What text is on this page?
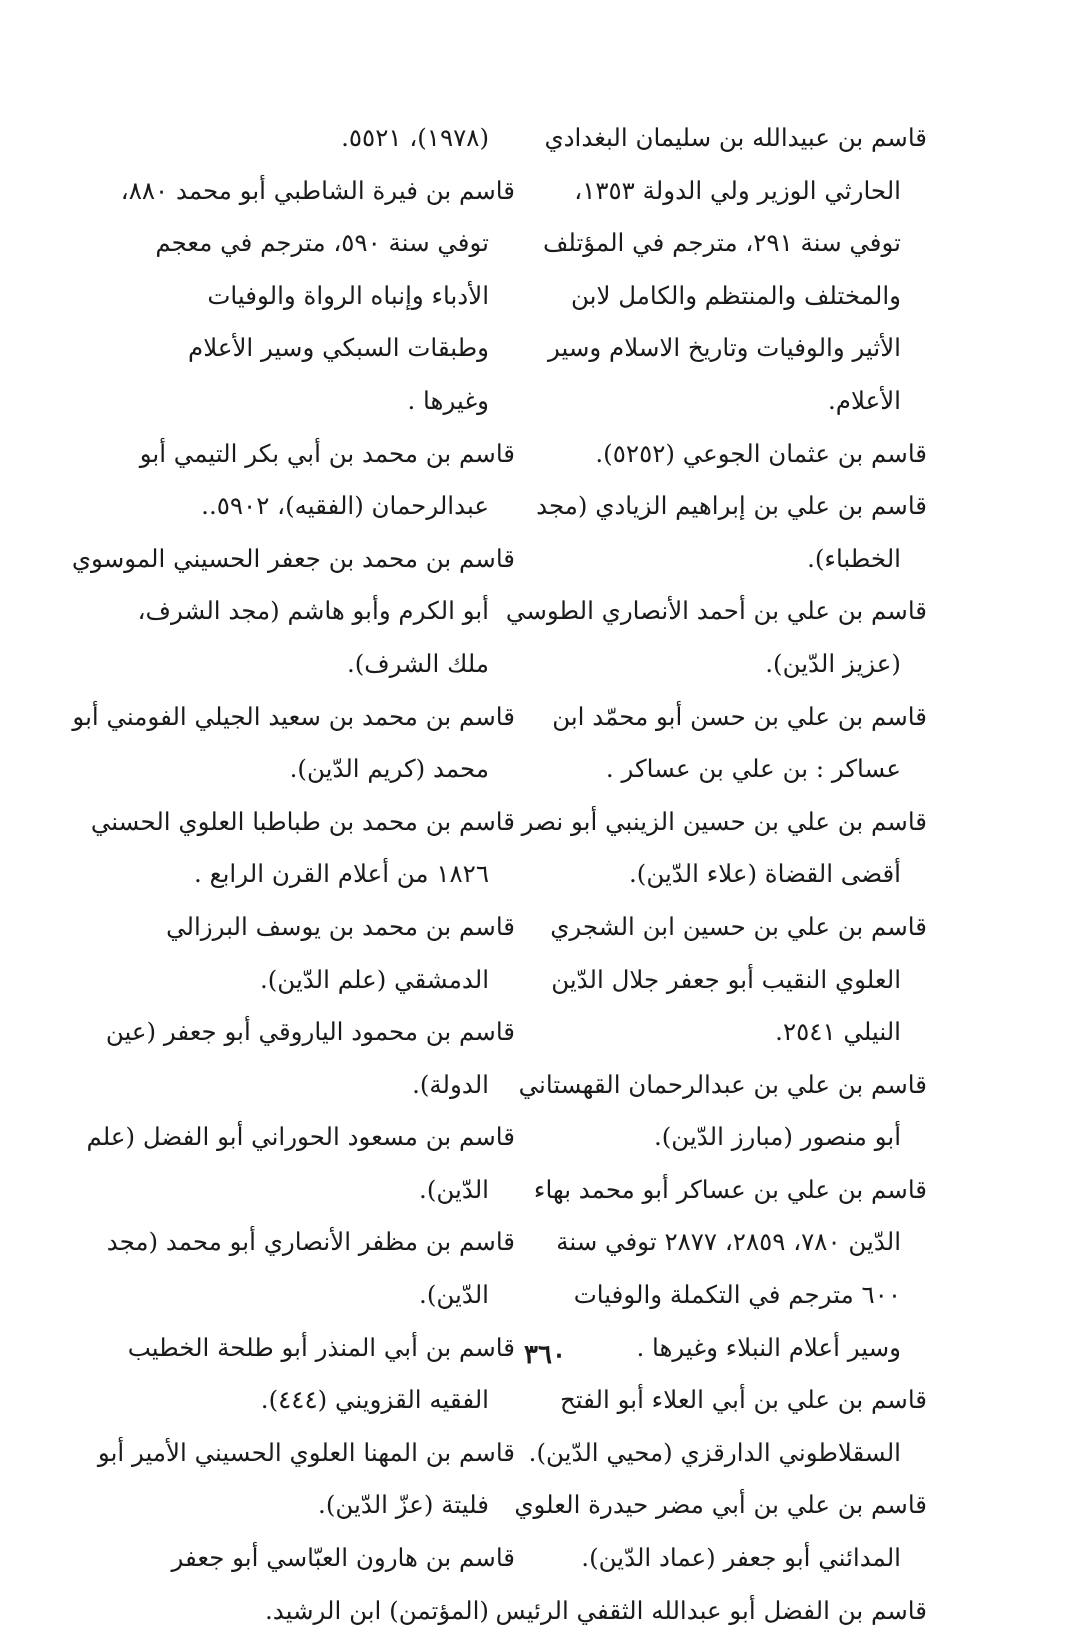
قاسم بن عبيدالله بن سليمان البغدادي
الحارثي الوزير ولي الدولة ١٣٥٣،
توفي سنة ٢٩١، مترجم في المؤتلف
والمختلف والمنتظم والكامل لابن
الأثير والوفيات وتاريخ الاسلام وسير
الأعلام.
قاسم بن عثمان الجوعي (٥٢٥٢).
قاسم بن علي بن إبراهيم الزيادي (مجد
الخطباء).
قاسم بن علي بن أحمد الأنصاري الطوسي
(عزيز الدّين).
قاسم بن علي بن حسن أبو محمّد ابن
عساكر : بن علي بن عساكر .
قاسم بن علي بن حسين الزينبي أبو نصر
أقضى القضاة (علاء الدّين).
قاسم بن علي بن حسين ابن الشجري
العلوي النقيب أبو جعفر جلال الدّين
النيلي ٢٥٤١.
قاسم بن علي بن عبدالرحمان القهستاني
أبو منصور (مبارز الدّين).
قاسم بن علي بن عساكر أبو محمد بهاء
الدّين ٧٨٠، ٢٨٥٩، ٢٨٧٧ توفي سنة
٦٠٠ مترجم في التكملة والوفيات
وسير أعلام النبلاء وغيرها .
قاسم بن علي بن أبي العلاء أبو الفتح
السقلاطوني الدارقزي (محيي الدّين).
قاسم بن علي بن أبي مضر حيدرة العلوي
المدائني أبو جعفر (عماد الدّين).
قاسم بن الفضل أبو عبدالله الثقفي الرئيس
(١٩٧٨)، ٥٥٢١.
قاسم بن فيرة الشاطبي أبو محمد ٨٨٠،
توفي سنة ٥٩٠، مترجم في معجم
الأدباء وإنباه الرواة والوفيات
وطبقات السبكي وسير الأعلام
وغيرها .
قاسم بن محمد بن أبي بكر التيمي أبو
عبدالرحمان (الفقيه)، ٥٩٠٢..
قاسم بن محمد بن جعفر الحسيني الموسوي
أبو الكرم وأبو هاشم (مجد الشرف،
ملك الشرف).
قاسم بن محمد بن سعيد الجيلي الفومني أبو
محمد (كريم الدّين).
قاسم بن محمد بن طباطبا العلوي الحسني
١٨٢٦ من أعلام القرن الرابع .
قاسم بن محمد بن يوسف البرزالي
الدمشقي (علم الدّين).
قاسم بن محمود الياروقي أبو جعفر (عين
الدولة).
قاسم بن مسعود الحوراني أبو الفضل (علم
الدّين).
قاسم بن مظفر الأنصاري أبو محمد (مجد
الدّين).
قاسم بن أبي المنذر أبو طلحة الخطيب
الفقيه القزويني (٤٤٤).
قاسم بن المهنا العلوي الحسيني الأمير أبو
فليتة (عزّ الدّين).
قاسم بن هارون العبّاسي أبو جعفر
(المؤتمن) ابن الرشيد.
٣٦٠
